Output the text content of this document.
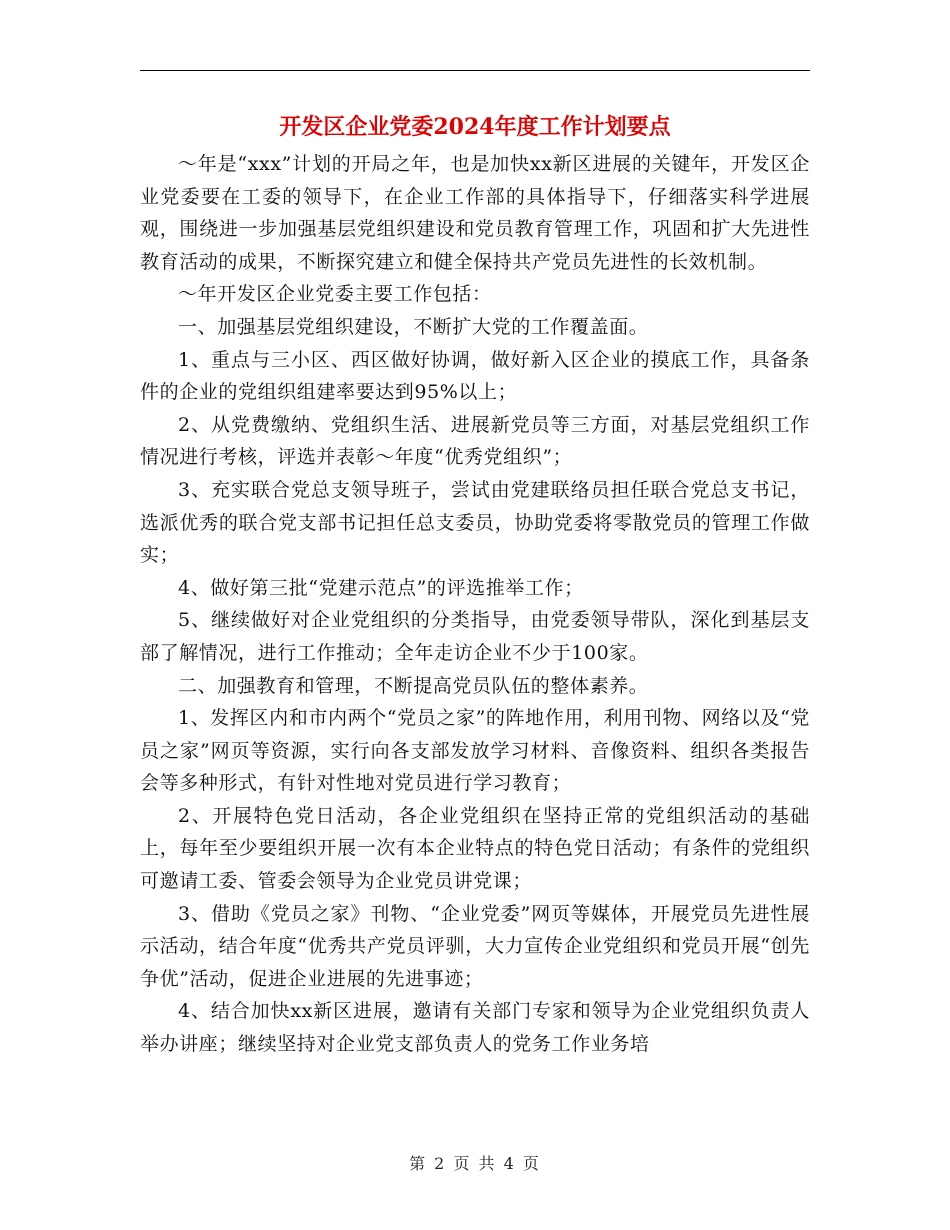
开发区企业党委2024年度工作计划要点

～年是“xxx”计划的开局之年，也是加快xx新区进展的关键年，开发区企业党委要在工委的领导下，在企业工作部的具体指导下，仔细落实科学进展观，围绕进一步加强基层党组织建设和党员教育管理工作，巩固和扩大先进性教育活动的成果，不断探究建立和健全保持共产党员先进性的长效机制。

～年开发区企业党委主要工作包括：

一、加强基层党组织建设，不断扩大党的工作覆盖面。

1、重点与三小区、西区做好协调，做好新入区企业的摸底工作，具备条件的企业的党组织组建率要达到95%以上；

2、从党费缴纳、党组织生活、进展新党员等三方面，对基层党组织工作情况进行考核，评选并表彰～年度“优秀党组织”；

3、充实联合党总支领导班子，尝试由党建联络员担任联合党总支书记，选派优秀的联合党支部书记担任总支委员，协助党委将零散党员的管理工作做实；

4、做好第三批“党建示范点”的评选推举工作；

5、继续做好对企业党组织的分类指导，由党委领导带队，深化到基层支部了解情况，进行工作推动；全年走访企业不少于100家。

二、加强教育和管理，不断提高党员队伍的整体素养。

1、发挥区内和市内两个“党员之家”的阵地作用，利用刊物、网络以及“党员之家”网页等资源，实行向各支部发放学习材料、音像资料、组织各类报告会等多种形式，有针对性地对党员进行学习教育；

2、开展特色党日活动，各企业党组织在坚持正常的党组织活动的基础上，每年至少要组织开展一次有本企业特点的特色党日活动；有条件的党组织可邀请工委、管委会领导为企业党员讲党课；

3、借助《党员之家》刊物、“企业党委”网页等媒体，开展党员先进性展示活动，结合年度“优秀共产党员评驯，大力宣传企业党组织和党员开展“创先争优”活动，促进企业进展的先进事迹；

4、结合加快xx新区进展，邀请有关部门专家和领导为企业党组织负责人举办讲座；继续坚持对企业党支部负责人的党务工作业务培

第 2 页 共 4 页
